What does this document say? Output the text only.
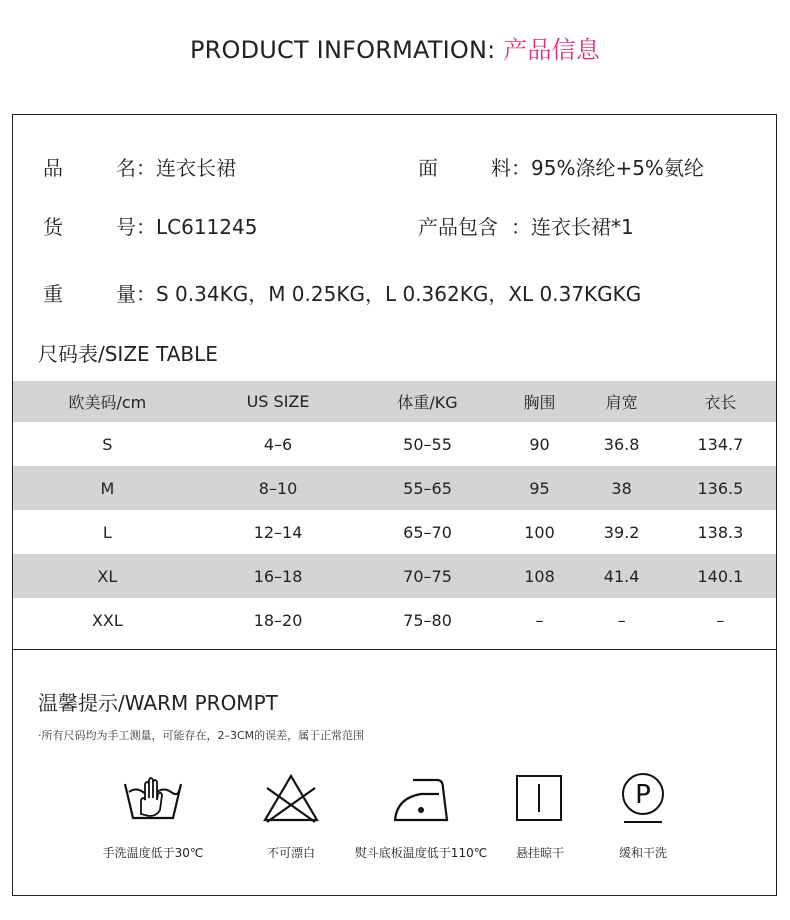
PRODUCT INFORMATION: 产品信息
品名：连衣长裙	面料：95%涤纶+5%氨纶
货号：LC611245	产品包含 ：连衣长裙*1
重量：S 0.34KG，M 0.25KG，L 0.362KG，XL 0.37KGKG
尺码表/SIZE TABLE
欧美码/cm	US SIZE	体重/KG	胸围	肩宽	衣长
S	4–6	50–55	90	36.8	134.7
M	8–10	55–65	95	38	136.5
L	12–14	65–70	100	39.2	138.3
XL	16–18	70–75	108	41.4	140.1
XXL	18–20	75–80	–	–	–
温馨提示/WARM PROMPT
·所有尺码均为手工测量，可能存在，2–3CM的误差，属于正常范围
手洗温度低于30℃	不可漂白	熨斗底板温度低于110℃ 悬挂晾干
P
缓和干洗
